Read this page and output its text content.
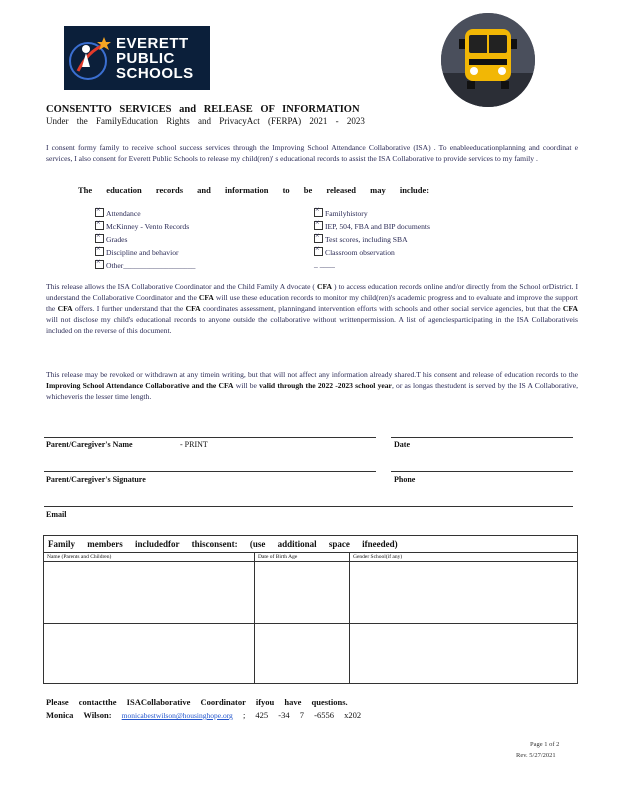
EVERETT
PUBLIC
SCHOOLS
CONSENTTO SERVICES and RELEASE OF INFORMATION
Under the FamilyEducation Rights and PrivacyAct (FERPA) 2021 - 2023
I consent formy family to receive school success services through the Improving School Attendance Collaborative (ISA) . To enableeducationplanning and coordinat e services, I also consent for Everett Public Schools to release my child(ren)' s educational records to assist the ISA Collaborative to provide services to my family .
The education records and information to be released may include:
×Attendance
×McKinney - Vento Records
×Grades
×Discipline and behavior
×Other___________________
×Familyhistory
×IEP, 504, FBA and BIP documents
×Test scores, including SBA
×Classroom observation
_ ____
This release allows the ISA Collaborative Coordinator and the Child Family A dvocate ( CFA ) to access education records online and/or directly from the School orDistrict. I understand the Collaborative Coordinator and the CFA will use these education records to monitor my child(ren)'s academic progress and to evaluate and improve the support the CFA offers. I further understand that the CFA coordinates assessment, planningand intervention efforts with schools and other social service agencies, but that the CFA will not disclose my child's educational records to anyone outside the collaborative without writtenpermission. A list of agenciesparticipating in the ISA Collaborativeis included on the reverse of this document.
This release may be revoked or withdrawn at any timein writing, but that will not affect any information already shared.T his consent and release of education records to the Improving School Attendance Collaborative and the CFA will be valid through the 2022 -2023 school year, or as longas thestudent is served by the IS A Collaborative, whicheveris the lesser time length.
Parent/Caregiver's Name	- PRINT	Date
Parent/Caregiver's Signature	Phone
Email
Family members includedfor thisconsent: (use additional space ifneeded)		
Name (Parents and Children)	Date of Birth Age	Gender School(if any)

Please contactthe ISACollaborative Coordinator ifyou have questions.
Monica Wilson: monicabestwilson@housinghope.org ; 425 -34 7 -6556 x202
Page 1 of 2
Rev. 5/27/2021
